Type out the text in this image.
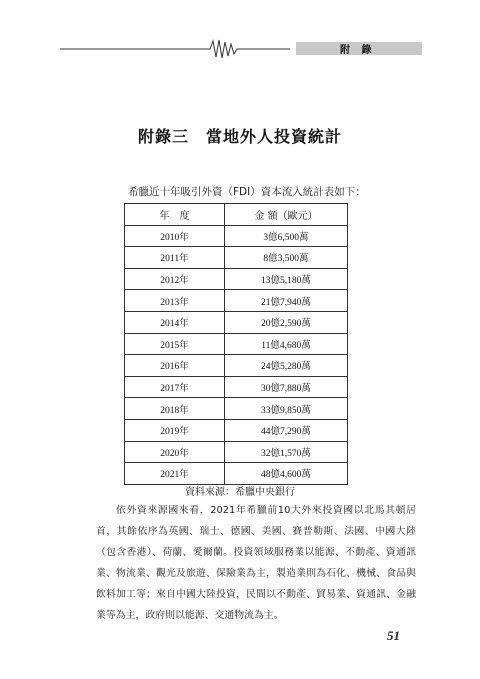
附 錄
附錄三　當地外人投資統計
希臘近十年吸引外資（FDI）資本流入統計表如下：
年　度	金 額（歐元）
2010年	3億6,500萬
2011年	8億3,500萬
2012年	13億5,180萬
2013年	21億7,940萬
2014年	20億2,590萬
2015年	11億4,680萬
2016年	24億5,280萬
2017年	30億7,880萬
2018年	33億9,850萬
2019年	44億7,290萬
2020年	32億1,570萬
2021年	48億4,600萬
資料來源：希臘中央銀行
依外資來源國來看，2021年希臘前10大外來投資國以北馬其頓居首，其餘依序為英國、瑞士、德國、美國、賽普勒斯、法國、中國大陸（包含香港）、荷蘭、愛爾蘭。投資領域服務業以能源、不動產、資通訊業、物流業、觀光及旅遊、保險業為主，製造業則為石化、機械、食品與飲料加工等；來自中國大陸投資，民間以不動產、貿易業、資通訊、金融業等為主，政府則以能源、交通物流為主。
51
